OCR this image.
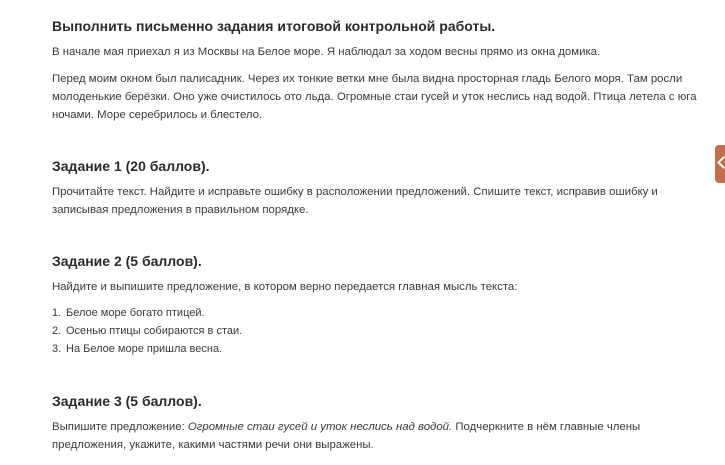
Выполнить письменно задания итоговой контрольной работы.

В начале мая приехал я из Москвы на Белое море. Я наблюдал за ходом весны прямо из окна домика.

Перед моим окном был палисадник. Через их тонкие ветки мне была видна просторная гладь Белого моря. Там росли молоденькие берёзки. Оно уже очистилось ото льда. Огромные стаи гусей и уток неслись над водой. Птица летела с юга ночами. Море серебрилось и блестело.

Задание 1 (20 баллов).

Прочитайте текст. Найдите и исправьте ошибку в расположении предложений. Спишите текст, исправив ошибку и записывая предложения в правильном порядке.

Задание 2 (5 баллов).

Найдите и выпишите предложение, в котором верно передается главная мысль текста:

1. Белое море богато птицей.
2. Осенью птицы собираются в стаи.
3. На Белое море пришла весна.
Задание 3 (5 баллов).

Выпишите предложение: Огромные стаи гусей и уток неслись над водой. Подчеркните в нём главные члены предложения, укажите, какими частями речи они выражены.
